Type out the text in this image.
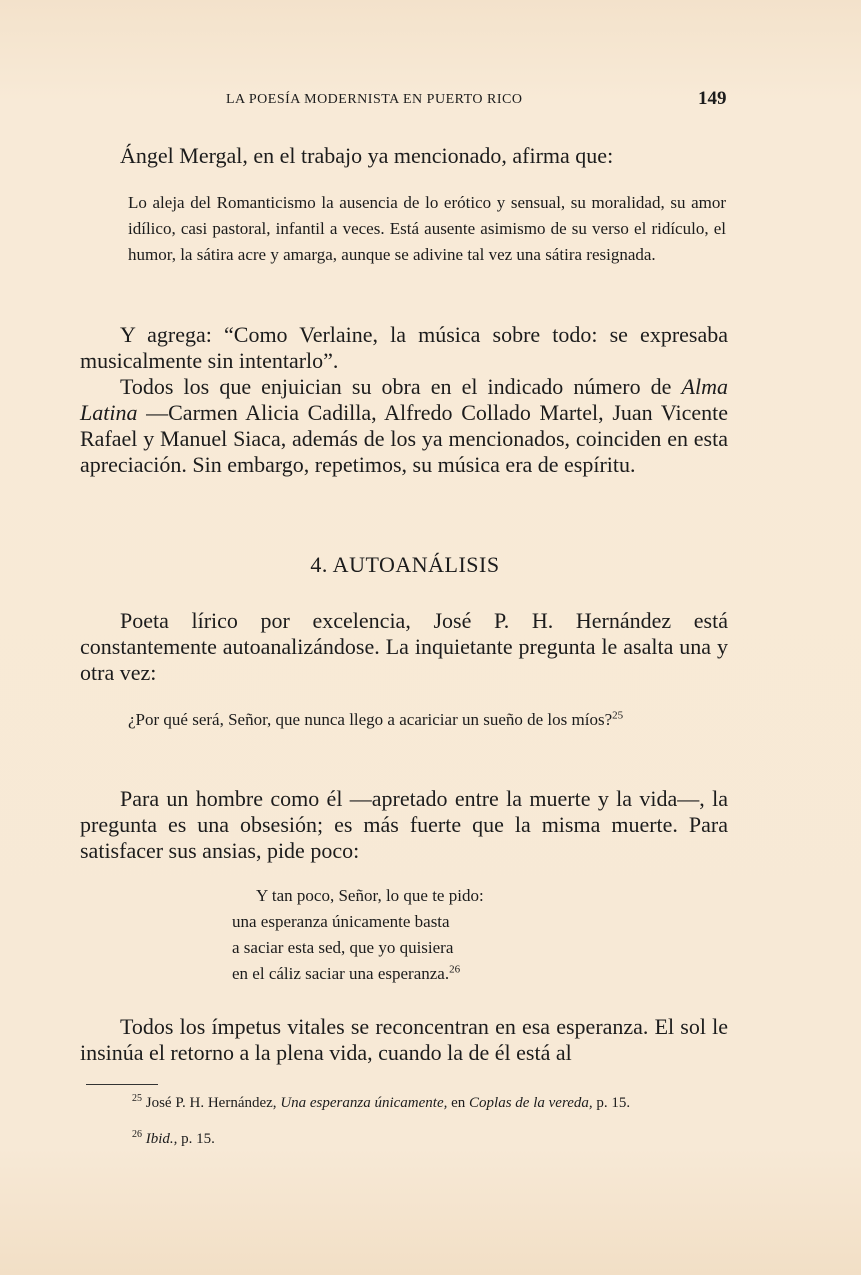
LA POESÍA MODERNISTA EN PUERTO RICO	149

Ángel Mergal, en el trabajo ya mencionado, afirma que:

Lo aleja del Romanticismo la ausencia de lo erótico y sensual, su moralidad, su amor idílico, casi pastoral, infantil a veces. Está ausente asimismo de su verso el ridículo, el humor, la sátira acre y amarga, aunque se adivine tal vez una sátira resignada.

Y agrega: “Como Verlaine, la música sobre todo: se expresaba musicalmente sin intentarlo”.

Todos los que enjuician su obra en el indicado número de Alma Latina —Carmen Alicia Cadilla, Alfredo Collado Martel, Juan Vicente Rafael y Manuel Siaca, además de los ya mencionados, coinciden en esta apreciación. Sin embargo, repetimos, su música era de espíritu.

4. AUTOANÁLISIS

Poeta lírico por excelencia, José P. H. Hernández está constantemente autoanalizándose. La inquietante pregunta le asalta una y otra vez:

¿Por qué será, Señor, que nunca llego a acariciar un sueño de los míos?$^{25}$

Para un hombre como él —apretado entre la muerte y la vida—, la pregunta es una obsesión; es más fuerte que la misma muerte. Para satisfacer sus ansias, pide poco:

Y tan poco, Señor, lo que te pido:
una esperanza únicamente basta
a saciar esta sed, que yo quisiera
en el cáliz saciar una esperanza.$^{26}$

Todos los ímpetus vitales se reconcentran en esa esperanza. El sol le insinúa el retorno a la plena vida, cuando la de él está al

$^{25}$ José P. H. Hernández, Una esperanza únicamente, en Coplas de la vereda, p. 15.
$^{26}$ Ibid., p. 15.
